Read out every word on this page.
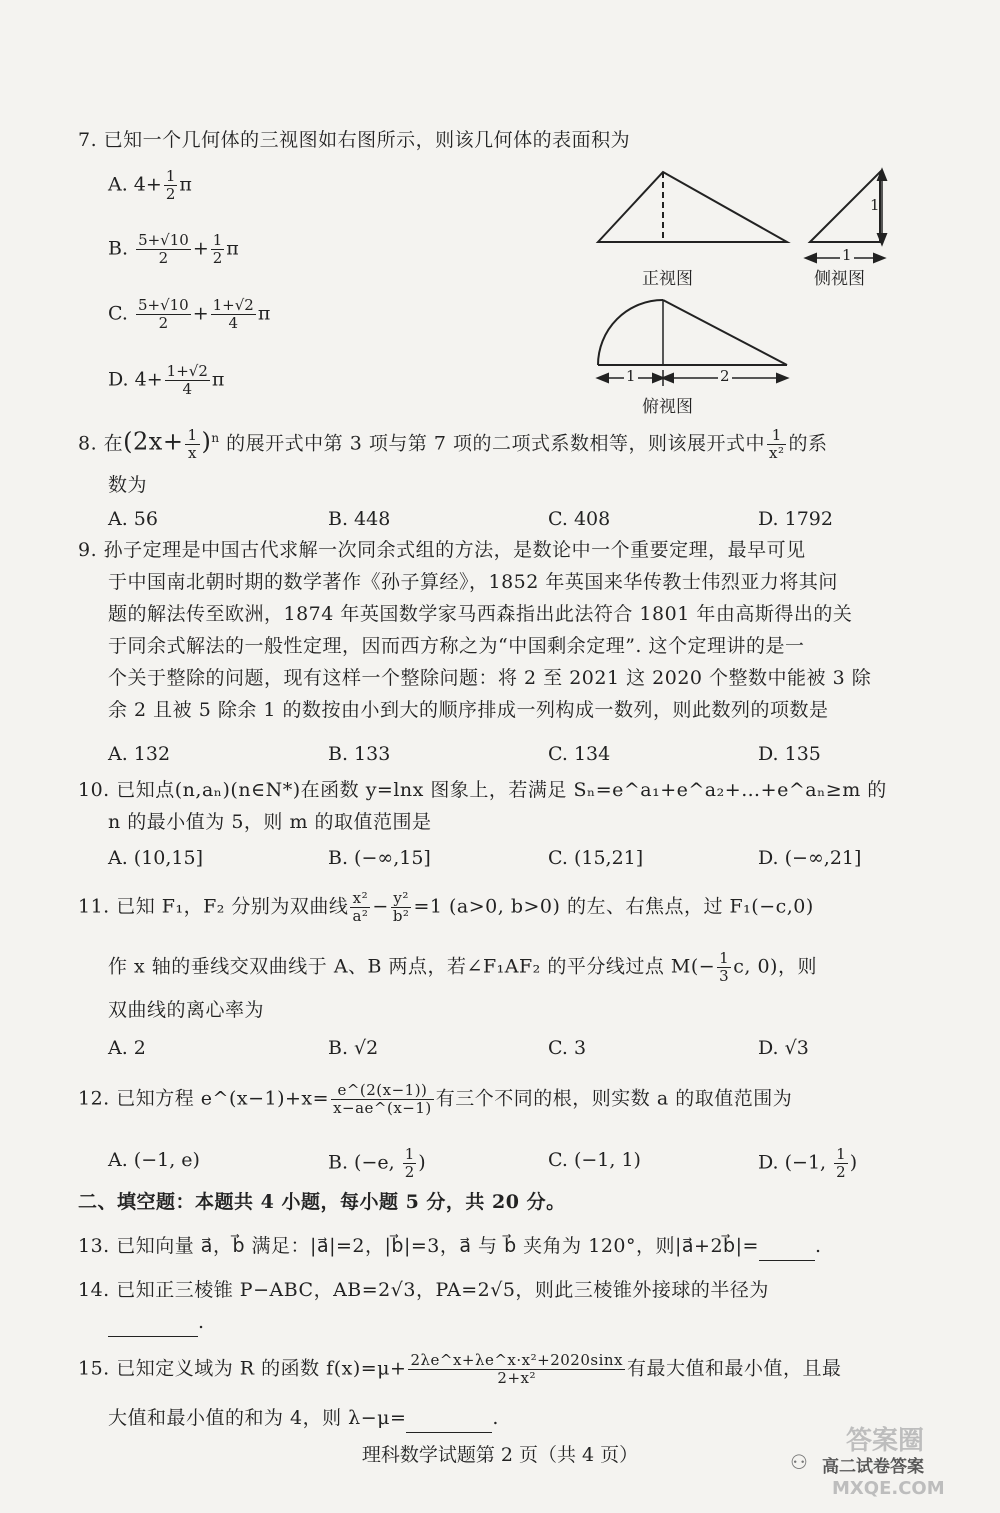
7. 已知一个几何体的三视图如右图所示，则该几何体的表面积为
A. $4+ \frac{1}{2}$ π
B. $\frac{5+√10}{2} + \frac{1}{2}$ π
C. $\frac{5+√10}{2} + \frac{1+√2}{4}$ π
D. $4+ \frac{1+√2}{4}$ π
1
1
正视图	侧视图
1	2
俯视图
8. 在$(2x+ \frac{1}{x} )^n$ 的展开式中第 3 项与第 7 项的二项式系数相等，则该展开式中 $\frac{1}{\text{x²}}$ 的系
数为
A. 56	B. 448	C. 408	D. 1792
9. 孙子定理是中国古代求解一次同余式组的方法，是数论中一个重要定理，最早可见
于中国南北朝时期的数学著作《孙子算经》，1852 年英国来华传教士伟烈亚力将其问
题的解法传至欧洲，1874 年英国数学家马西森指出此法符合 1801 年由高斯得出的关
于同余式解法的一般性定理，因而西方称之为“中国剩余定理”. 这个定理讲的是一
个关于整除的问题，现有这样一个整除问题：将 2 至 2021 这 2020 个整数中能被 3 除
余 2 且被 5 除余 1 的数按由小到大的顺序排成一列构成一数列，则此数列的项数是
A. 132	B. 133	C. 134	D. 135
10. 已知点(n,aₙ)(n∈N*)在函数 y=lnx 图象上，若满足 Sₙ=e^a₁+e^a₂+…+e^aₙ≥m 的
n 的最小值为 5，则 m 的取值范围是
A. (10,15]	B. (−∞,15]	C. (15,21]	D. (−∞,21]
11. 已知 F₁，F₂ 分别为双曲线 $\frac{\text{x²}}{\text{a²}} - \frac{\text{y²}}{\text{b²}} =1$ (a>0, b>0) 的左、右焦点，过 F₁(−c,0)
作 x 轴的垂线交双曲线于 A、B 两点，若∠F₁AF₂ 的平分线过点 $M(- \frac{1}{3} c$, 0)，则
双曲线的离心率为
A. 2	B. √2	C. 3	D. √3
12. 已知方程 e^(x−1)+x= $\frac{e\^{}(2(x-1))}{x-ae\^{}(x-1)}$ 有三个不同的根，则实数 a 的取值范围为
A. (−1, e)	B. (−e, $\frac{1}{2}$ )	C. (−1, 1)	D. (−1, $\frac{1}{2}$ )
二、填空题：本题共 4 小题，每小题 5 分，共 20 分。
13. 已知向量 a⃗，b⃗ 满足：|a⃗|=2，|b⃗|=3，a⃗ 与 b⃗ 夹角为 120°，则|a⃗+2b⃗|=	.
14. 已知正三棱锥 P−ABC，AB=2√3，PA=2√5，则此三棱锥外接球的半径为
.
15. 已知定义域为 R 的函数 $f(x)=\mu+ \frac{\text{2λe\textasciicircum{}x+λe\textasciicircum{}x·x²+2020sinx}}{\text{2+x²}}$ 有最大值和最小值，且最
大值和最小值的和为 4，则 λ−μ=	.
理科数学试题第 2 页（共 4 页）	答案圈
高二试卷答案
MXQE.COM
⚇
